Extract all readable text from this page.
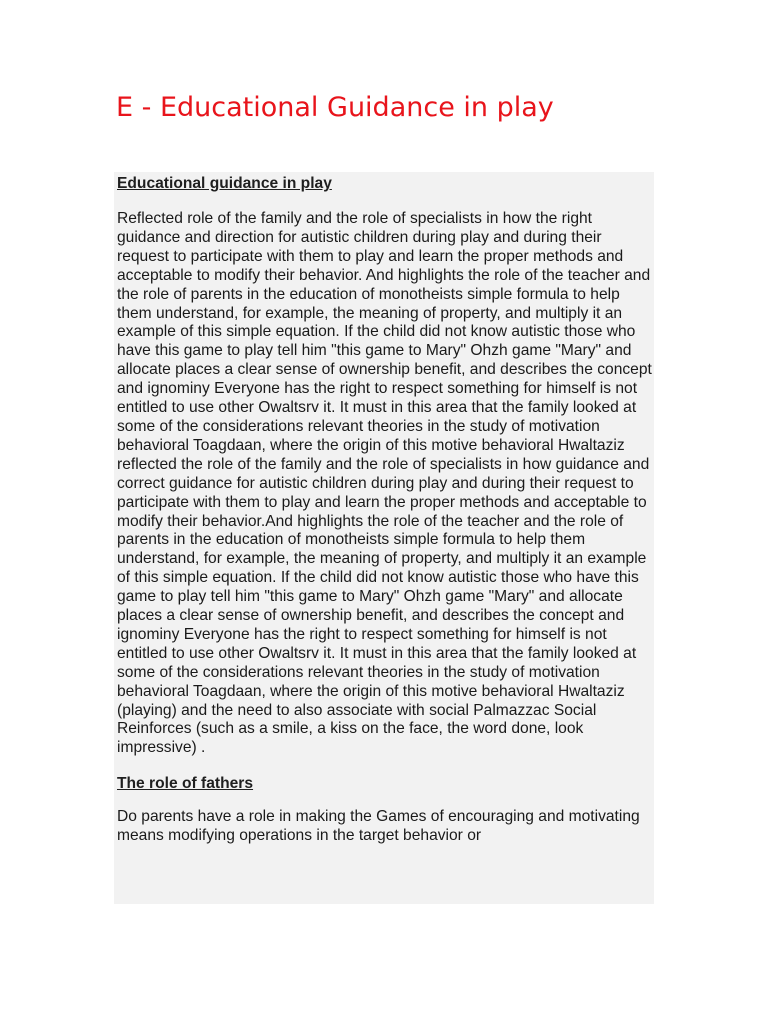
E - Educational Guidance in play
Educational guidance in play

Reflected role of the family and the role of specialists in how the right guidance and direction for autistic children during play and during their request to participate with them to play and learn the proper methods and acceptable to modify their behavior. And highlights the role of the teacher and the role of parents in the education of monotheists simple formula to help them understand, for example, the meaning of property, and multiply it an example of this simple equation. If the child did not know autistic those who have this game to play tell him "this game to Mary" Ohzh game "Mary" and allocate places a clear sense of ownership benefit, and describes the concept and ignominy Everyone has the right to respect something for himself is not entitled to use other Owaltsrv it. It must in this area that the family looked at some of the considerations relevant theories in the study of motivation behavioral Toagdaan, where the origin of this motive behavioral Hwaltaziz reflected the role of the family and the role of specialists in how guidance and correct guidance for autistic children during play and during their request to participate with them to play and learn the proper methods and acceptable to modify their behavior.And highlights the role of the teacher and the role of parents in the education of monotheists simple formula to help them understand, for example, the meaning of property, and multiply it an example of this simple equation. If the child did not know autistic those who have this game to play tell him "this game to Mary" Ohzh game "Mary" and allocate places a clear sense of ownership benefit, and describes the concept and ignominy Everyone has the right to respect something for himself is not entitled to use other Owaltsrv it. It must in this area that the family looked at some of the considerations relevant theories in the study of motivation behavioral Toagdaan, where the origin of this motive behavioral Hwaltaziz (playing) and the need to also associate with social Palmazzac Social Reinforces (such as a smile, a kiss on the face, the word done, look impressive) .

The role of fathers

Do parents have a role in making the Games of encouraging and motivating means modifying operations in the target behavior or
